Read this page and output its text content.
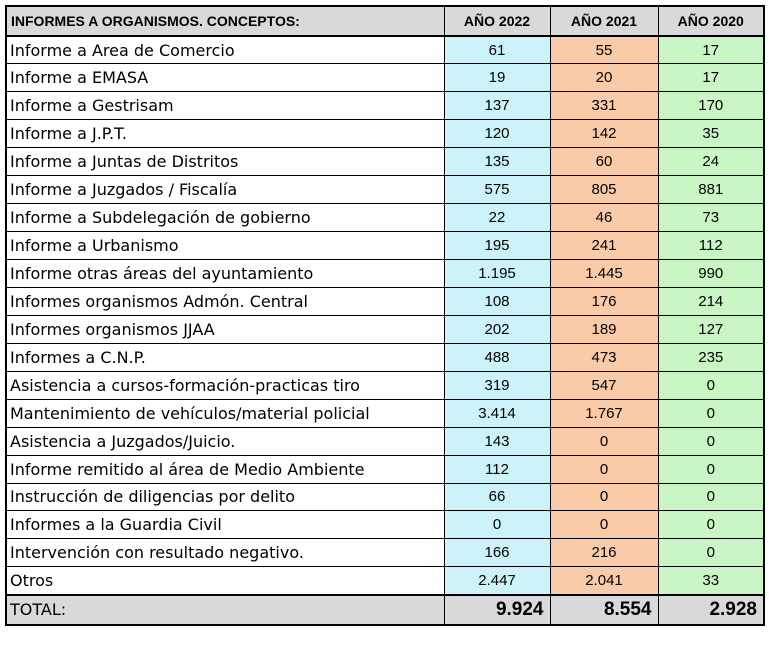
INFORMES A ORGANISMOS. CONCEPTOS:	AÑO 2022	AÑO 2021	AÑO 2020
Informe a Area de Comercio	61	55	17
Informe a EMASA	19	20	17
Informe a Gestrisam	137	331	170
Informe a J.P.T.	120	142	35
Informe a Juntas de Distritos	135	60	24
Informe a Juzgados / Fiscalía	575	805	881
Informe a Subdelegación de gobierno	22	46	73
Informe a Urbanismo	195	241	112
Informe otras áreas del ayuntamiento	1.195	1.445	990
Informes organismos Admón. Central	108	176	214
Informes organismos JJAA	202	189	127
Informes a C.N.P.	488	473	235
Asistencia a cursos-formación-practicas tiro	319	547	0
Mantenimiento de vehículos/material policial	3.414	1.767	0
Asistencia a Juzgados/Juicio.	143	0	0
Informe remitido al área de Medio Ambiente	112	0	0
Instrucción de diligencias por delito	66	0	0
Informes a la Guardia Civil	0	0	0
Intervención con resultado negativo.	166	216	0
Otros	2.447	2.041	33
TOTAL:	9.924	8.554	2.928
